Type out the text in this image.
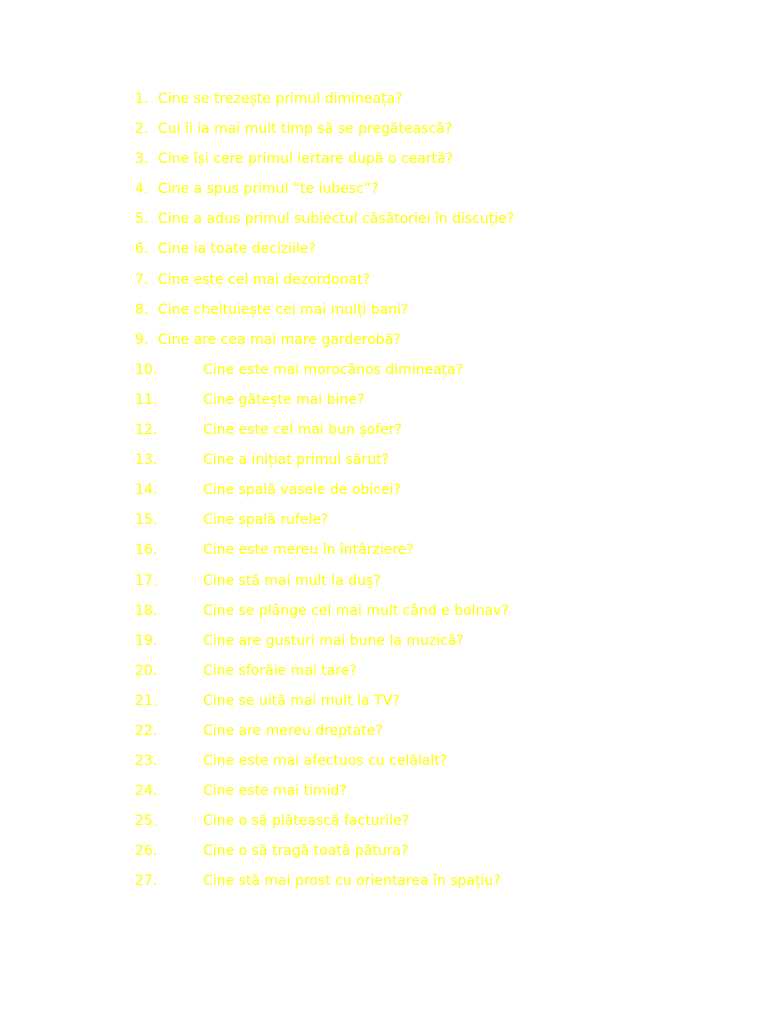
1. Cine se trezește primul dimineața?
2. Cui îi ia mai mult timp să se pregătească?
3. Cine își cere primul iertare după o ceartă?
4. Cine a spus primul “te iubesc”?
5. Cine a adus primul subiectul căsătoriei în discuție?
6. Cine ia toate deciziile?
7. Cine este cel mai dezordonat?
8. Cine cheltuiește cei mai mulți bani?
9. Cine are cea mai mare garderobă?
10.	Cine este mai morocănos dimineața?
11.	Cine gătește mai bine?
12.	Cine este cel mai bun șofer?
13.	Cine a inițiat primul sărut?
14.	Cine spală vasele de obicei?
15.	Cine spală rufele?
16.	Cine este mereu în întârziere?
17.	Cine stă mai mult la duș?
18.	Cine se plânge cel mai mult când e bolnav?
19.	Cine are gusturi mai bune la muzică?
20.	Cine sforăie mai tare?
21.	Cine se uită mai mult la TV?
22.	Cine are mereu dreptate?
23.	Cine este mai afectuos cu celălalt?
24.	Cine este mai timid?
25.	Cine o să plătească facturile?
26.	Cine o să tragă toată pătura?
27.	Cine stă mai prost cu orientarea în spațiu?
